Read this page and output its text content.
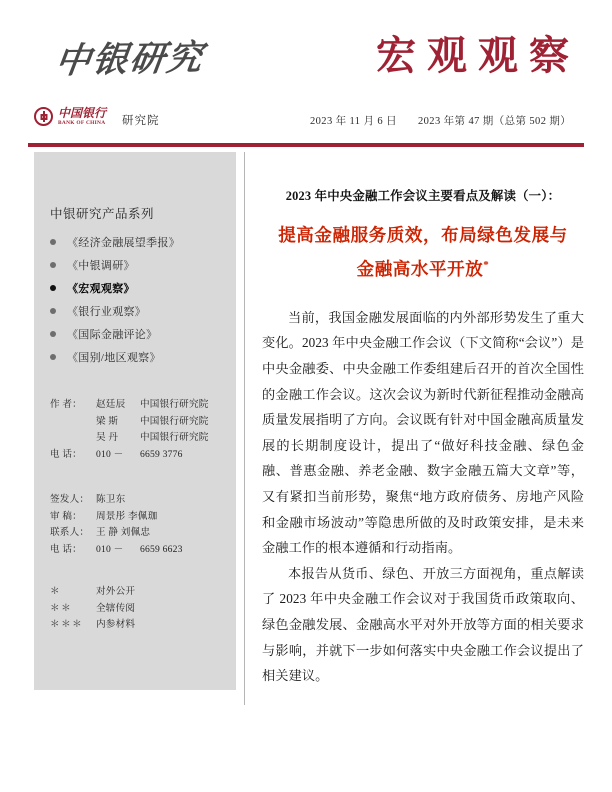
中银研究	宏观观察
中国银行
BANK OF CHINA 研究院	2023 年 11 月 6 日 2023 年第 47 期（总第 502 期）
中银研究产品系列
《经济金融展望季报》
《中银调研》
《宏观观察》
《银行业观察》
《国际金融评论》
《国别/地区观察》
作 者：	赵廷辰	中国银行研究院
梁 斯	中国银行研究院
吴 丹	中国银行研究院
电 话：	010 －	6659 3776
签发人： 陈卫东
审 稿：	周景彤 李佩珈
联系人： 王 静 刘佩忠
电 话：	010 －	6659 6623
＊	对外公开
＊＊	全辖传阅
＊＊＊	内参材料
2023 年中央金融工作会议主要看点及解读（一）：
提高金融服务质效，布局绿色发展与
金融高水平开放*

当前，我国金融发展面临的内外部形势发生了重大变化。2023 年中央金融工作会议（下文简称“会议”）是中央金融委、中央金融工作委组建后召开的首次全国性的金融工作会议。这次会议为新时代新征程推动金融高质量发展指明了方向。会议既有针对中国金融高质量发展的长期制度设计，提出了“做好科技金融、绿色金融、普惠金融、养老金融、数字金融五篇大文章”等，又有紧扣当前形势，聚焦“地方政府债务、房地产风险和金融市场波动”等隐患所做的及时政策安排，是未来金融工作的根本遵循和行动指南。

本报告从货币、绿色、开放三方面视角，重点解读了 2023 年中央金融工作会议对于我国货币政策取向、绿色金融发展、金融高水平对外开放等方面的相关要求与影响，并就下一步如何落实中央金融工作会议提出了相关建议。
